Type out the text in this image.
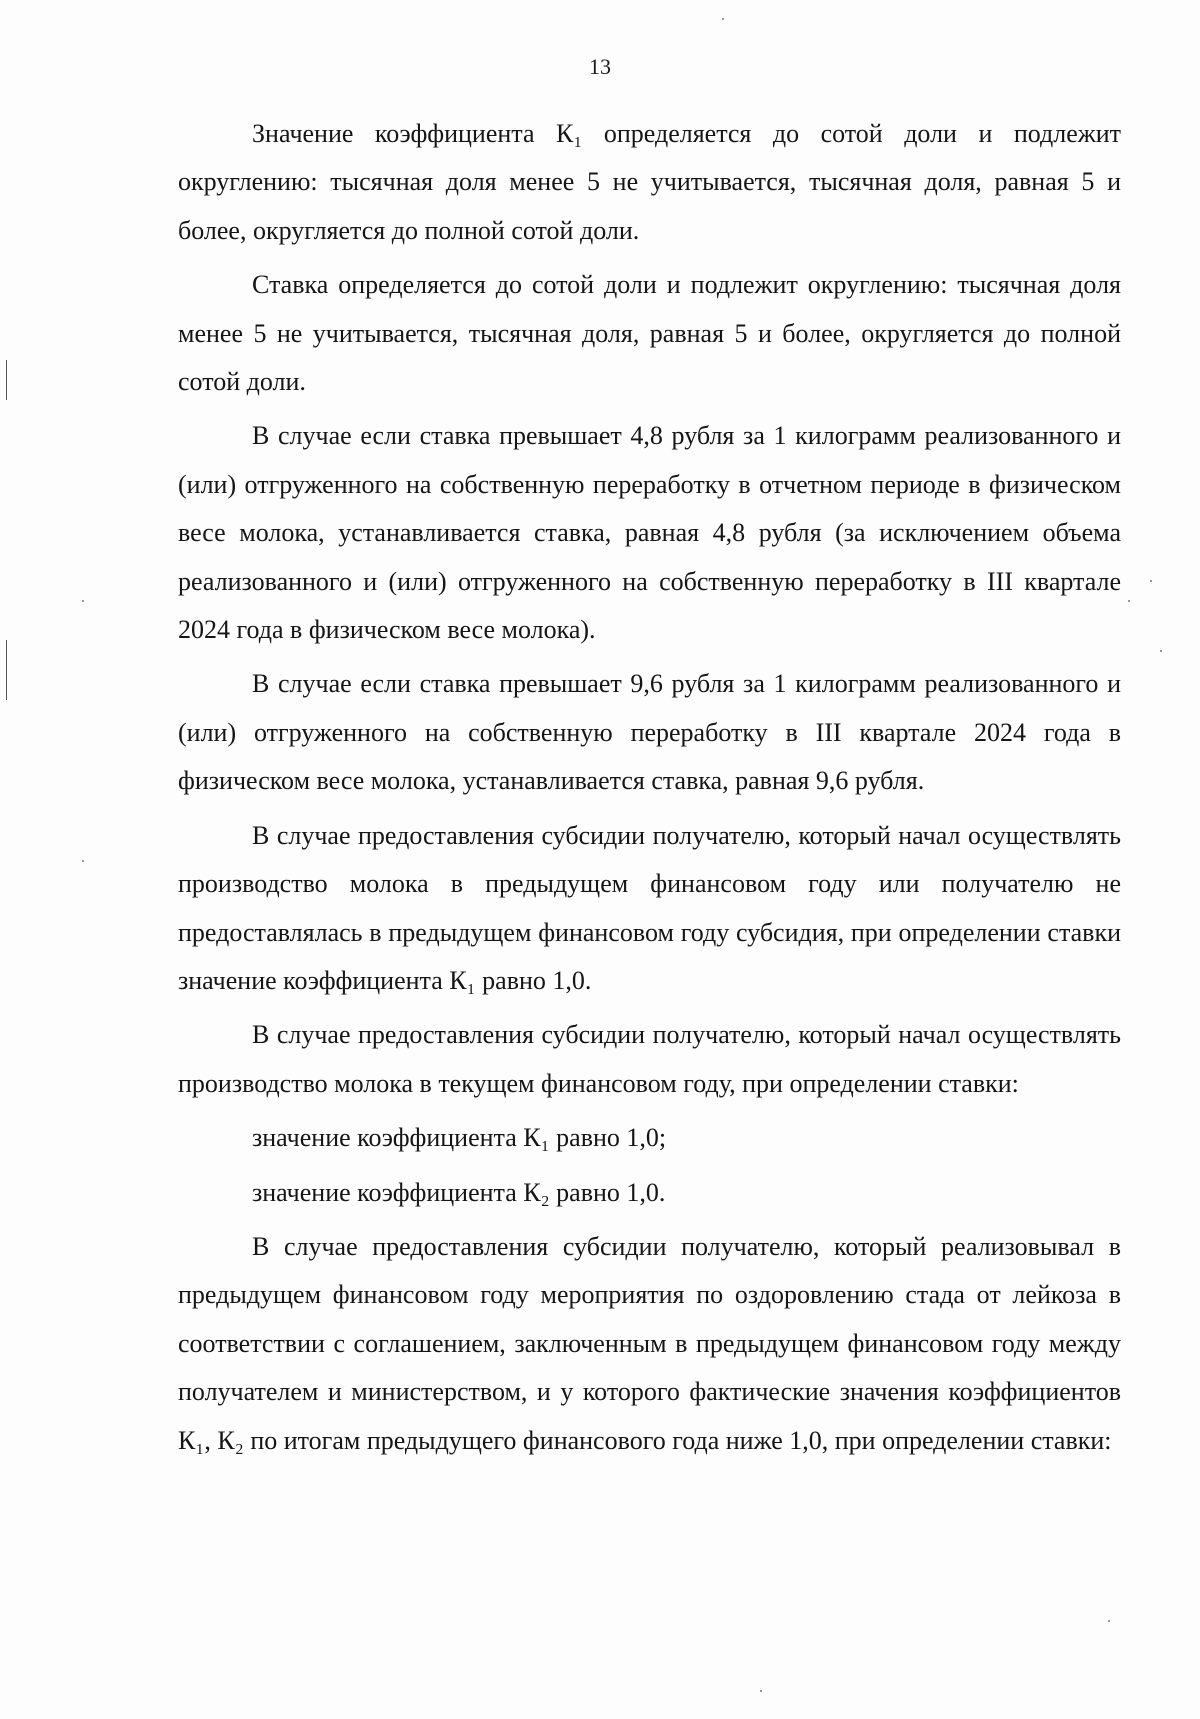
13

Значение коэффициента К₁ определяется до сотой доли и подлежит округлению: тысячная доля менее 5 не учитывается, тысячная доля, равная 5 и более, округляется до полной сотой доли.

Ставка определяется до сотой доли и подлежит округлению: тысячная доля менее 5 не учитывается, тысячная доля, равная 5 и более, округляется до полной сотой доли.

В случае если ставка превышает 4,8 рубля за 1 килограмм реализованного и (или) отгруженного на собственную переработку в отчетном периоде в физическом весе молока, устанавливается ставка, равная 4,8 рубля (за исключением объема реализованного и (или) отгруженного на собственную переработку в III квартале 2024 года в физическом весе молока).

В случае если ставка превышает 9,6 рубля за 1 килограмм реализованного и (или) отгруженного на собственную переработку в III квартале 2024 года в физическом весе молока, устанавливается ставка, равная 9,6 рубля.

В случае предоставления субсидии получателю, который начал осуществлять производство молока в предыдущем финансовом году или получателю не предоставлялась в предыдущем финансовом году субсидия, при определении ставки значение коэффициента К₁ равно 1,0.

В случае предоставления субсидии получателю, который начал осуществлять производство молока в текущем финансовом году, при определении ставки:

значение коэффициента К₁ равно 1,0;

значение коэффициента К₂ равно 1,0.

В случае предоставления субсидии получателю, который реализовывал в предыдущем финансовом году мероприятия по оздоровлению стада от лейкоза в соответствии с соглашением, заключенным в предыдущем финансовом году между получателем и министерством, и у которого фактические значения коэффициентов К₁, К₂ по итогам предыдущего финансового года ниже 1,0, при определении ставки:
